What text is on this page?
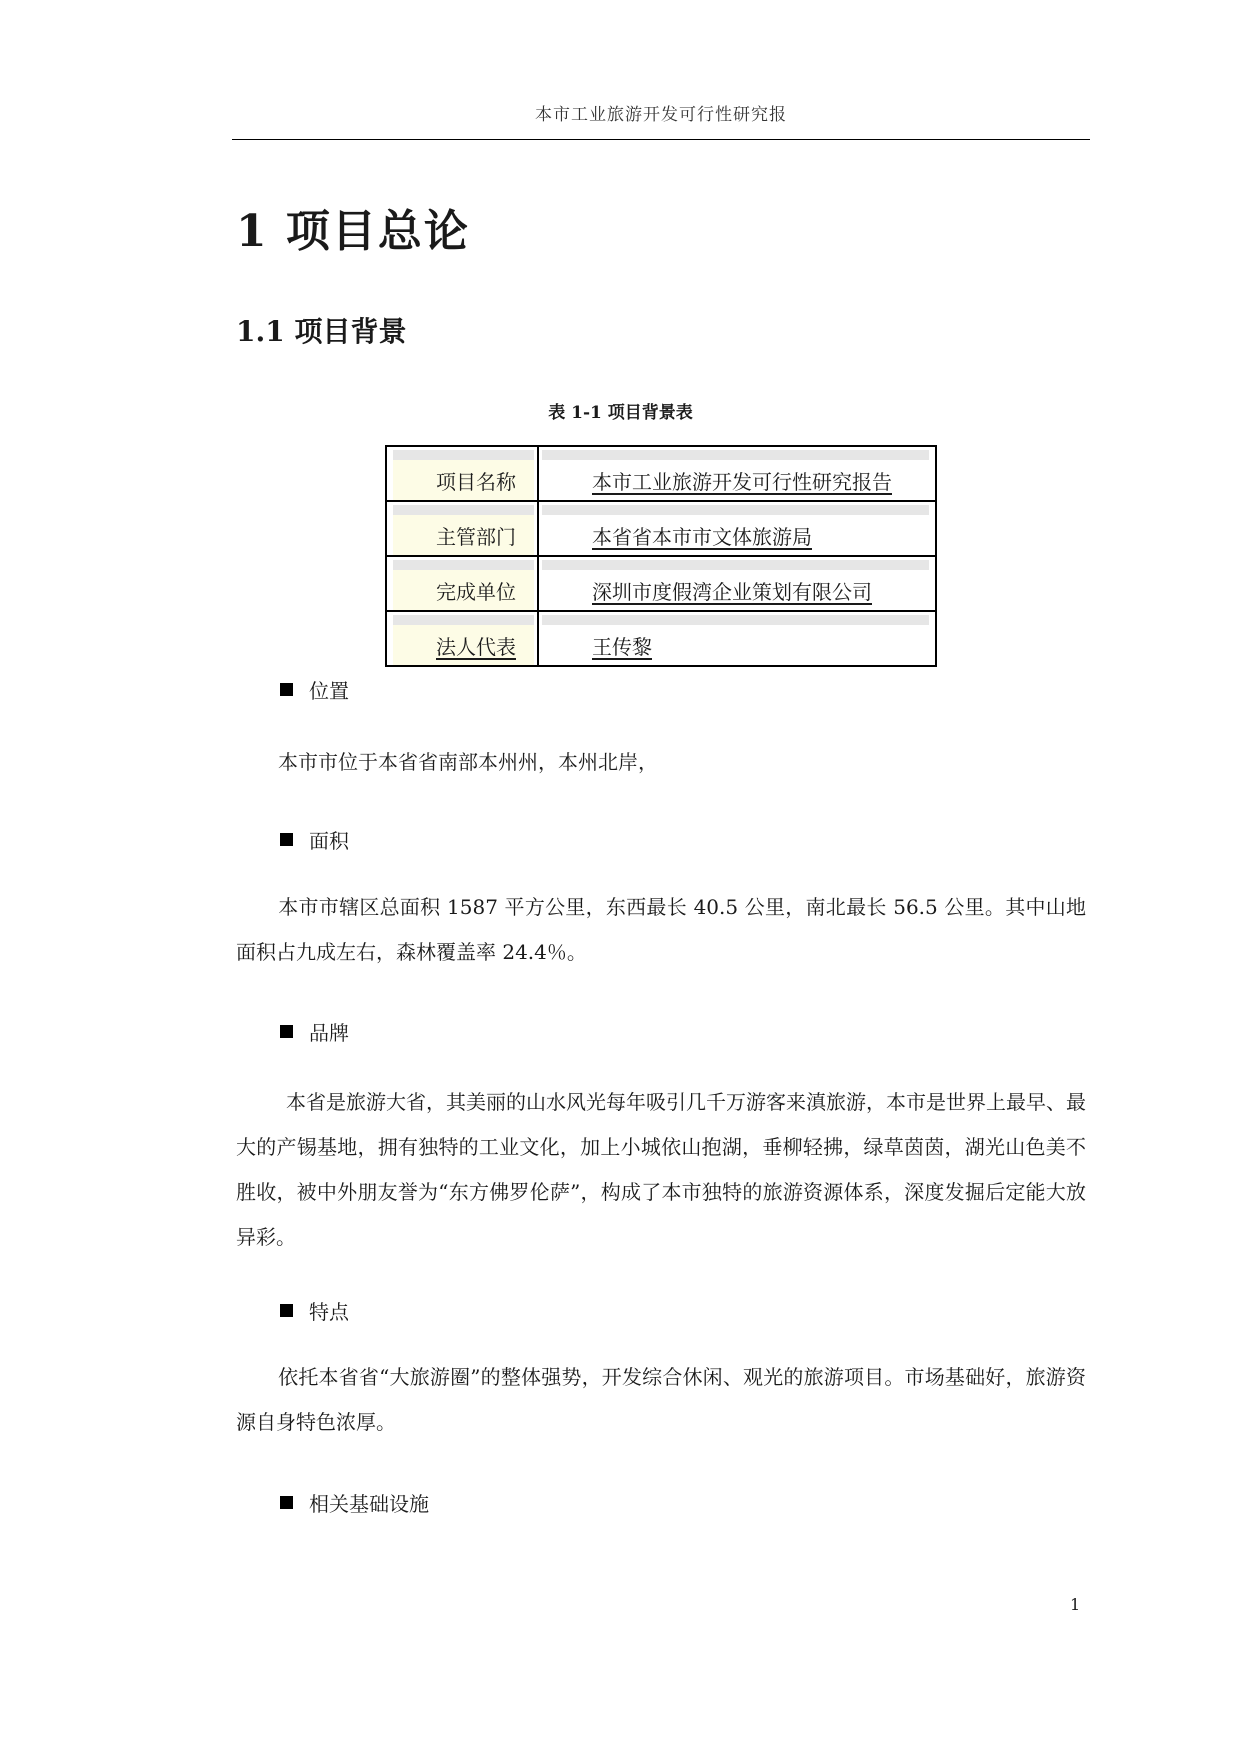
本市工业旅游开发可行性研究报
1 项目总论
1.1 项目背景
表 1-1 项目背景表
项目名称	本市工业旅游开发可行性研究报告

主管部门	本省省本市市文体旅游局

完成单位	深圳市度假湾企业策划有限公司

法人代表	王传黎
位置

本市市位于本省省南部本州州，本州北岸，

面积

本市市辖区总面积 1587 平方公里，东西最长 40.5 公里，南北最长 56.5 公里。其中山地面积占九成左右，森林覆盖率 24.4％。

品牌

本省是旅游大省，其美丽的山水风光每年吸引几千万游客来滇旅游，本市是世界上最早、最大的产锡基地，拥有独特的工业文化，加上小城依山抱湖，垂柳轻拂，绿草茵茵，湖光山色美不胜收，被中外朋友誉为“东方佛罗伦萨”，构成了本市独特的旅游资源体系，深度发掘后定能大放异彩。

特点

依托本省省“大旅游圈”的整体强势，开发综合休闲、观光的旅游项目。市场基础好，旅游资源自身特色浓厚。

相关基础设施
1
